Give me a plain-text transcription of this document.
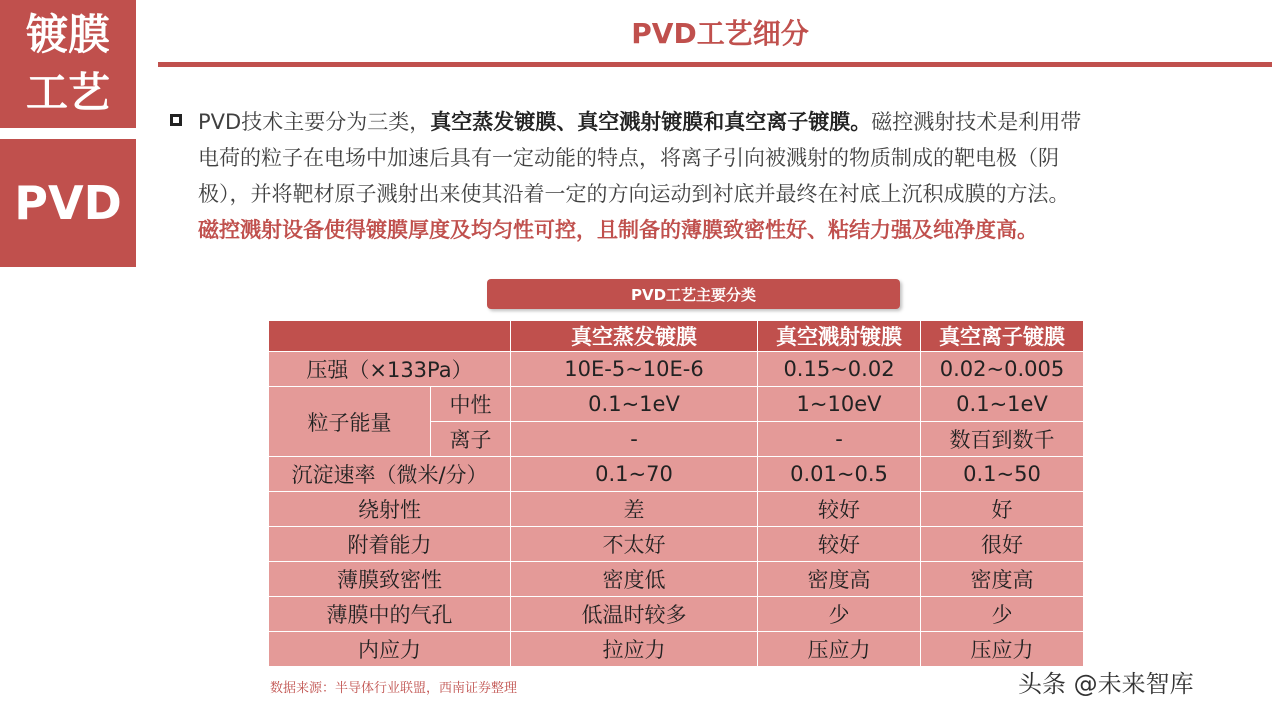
镀膜
工艺
PVD
PVD工艺细分
PVD技术主要分为三类，真空蒸发镀膜、真空溅射镀膜和真空离子镀膜。磁控溅射技术是利用带
电荷的粒子在电场中加速后具有一定动能的特点，将离子引向被溅射的物质制成的靶电极（阴
极），并将靶材原子溅射出来使其沿着一定的方向运动到衬底并最终在衬底上沉积成膜的方法。
磁控溅射设备使得镀膜厚度及均匀性可控，且制备的薄膜致密性好、粘结力强及纯净度高。
PVD工艺主要分类
		真空蒸发镀膜	真空溅射镀膜	真空离子镀膜
压强（×133Pa）		10E-5~10E-6	0.15~0.02	0.02~0.005
粒子能量	中性	0.1~1eV	1~10eV	0.1~1eV
	离子	-	-	数百到数千
沉淀速率（微米/分）		0.1~70	0.01~0.5	0.1~50
绕射性		差	较好	好
附着能力		不太好	较好	很好
薄膜致密性		密度低	密度高	密度高
薄膜中的气孔		低温时较多	少	少
内应力		拉应力	压应力	压应力
数据来源：半导体行业联盟，西南证券整理	头条 @未来智库
